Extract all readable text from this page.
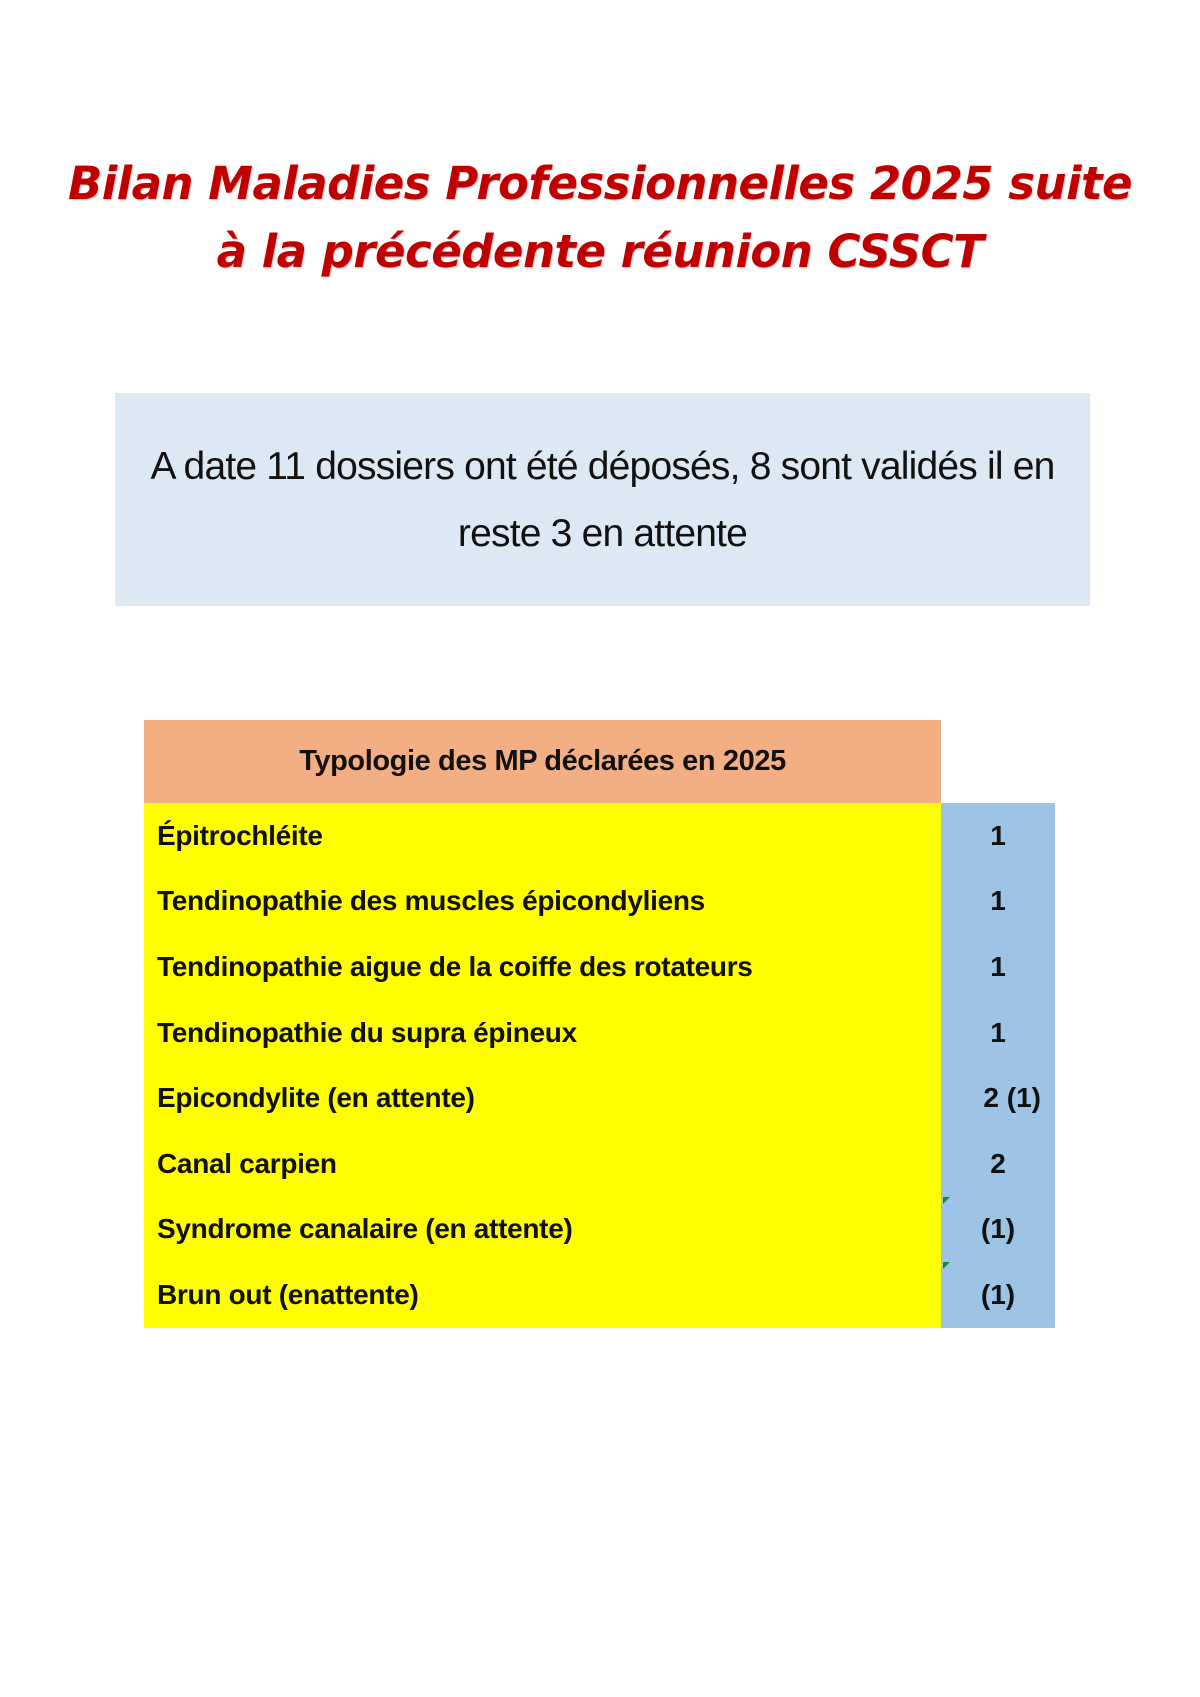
Bilan Maladies Professionnelles 2025 suite
à la précédente réunion CSSCT
A date 11 dossiers ont été déposés, 8 sont validés il en reste 3 en attente
Typologie des MP déclarées en 2025
Épitrochléite	1
Tendinopathie des muscles épicondyliens	1
Tendinopathie aigue de la coiffe des rotateurs	1
Tendinopathie du supra épineux	1
Epicondylite (en attente)	2 (1)
Canal carpien	2
Syndrome canalaire (en attente)	(1)
Brun out (enattente)	(1)
